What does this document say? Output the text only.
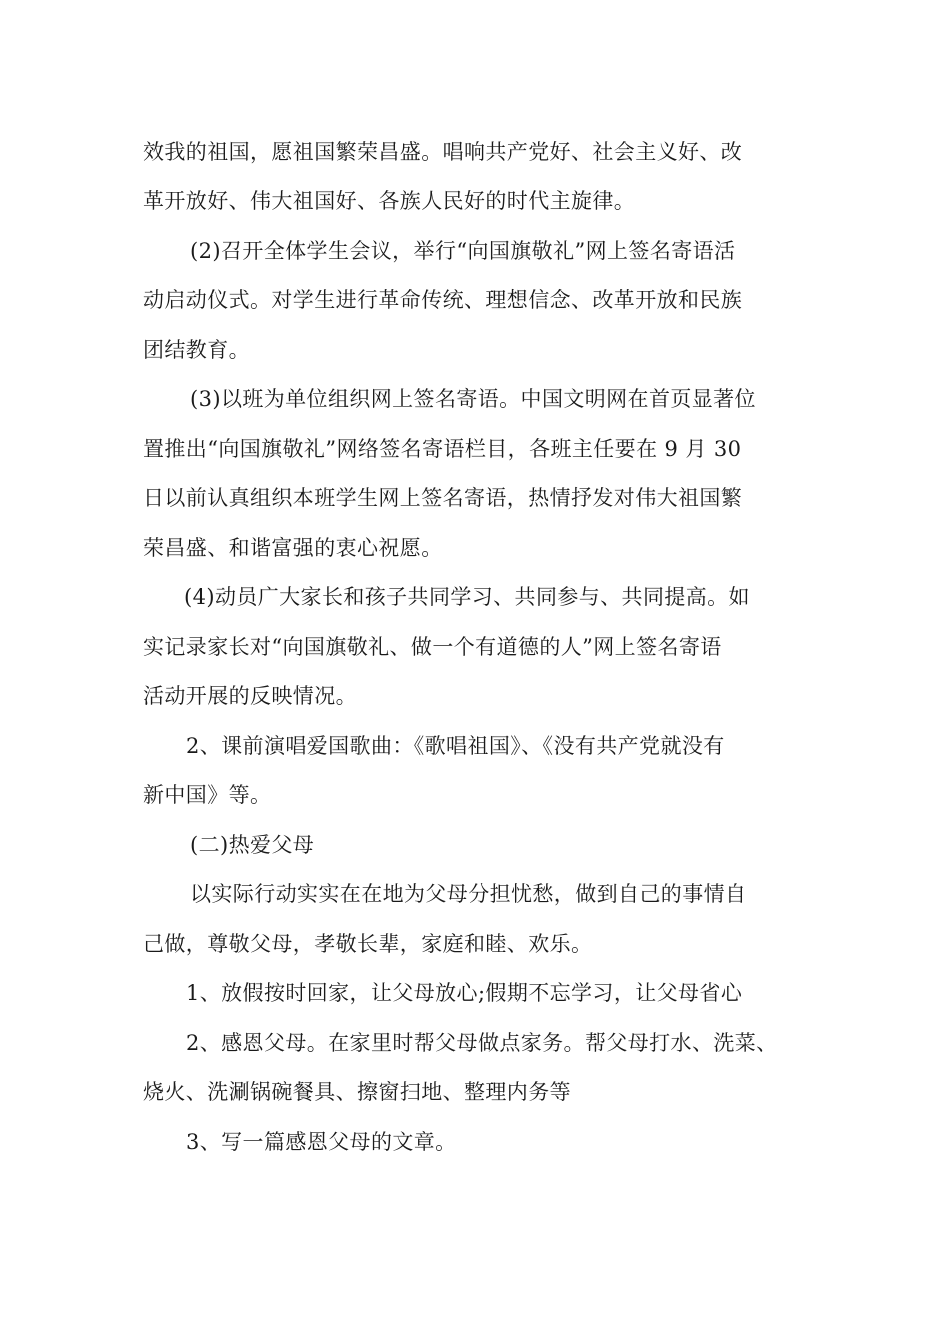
效我的祖国，愿祖国繁荣昌盛。唱响共产党好、社会主义好、改
革开放好、伟大祖国好、各族人民好的时代主旋律。
(2)召开全体学生会议，举行“向国旗敬礼”网上签名寄语活
动启动仪式。对学生进行革命传统、理想信念、改革开放和民族
团结教育。
(3)以班为单位组织网上签名寄语。中国文明网在首页显著位
置推出“向国旗敬礼”网络签名寄语栏目，各班主任要在 9 月 30
日以前认真组织本班学生网上签名寄语，热情抒发对伟大祖国繁
荣昌盛、和谐富强的衷心祝愿。
(4)动员广大家长和孩子共同学习、共同参与、共同提高。如
实记录家长对“向国旗敬礼、做一个有道德的人”网上签名寄语
活动开展的反映情况。
2、课前演唱爱国歌曲：《歌唱祖国》、《没有共产党就没有
新中国》等。
(二)热爱父母
以实际行动实实在在地为父母分担忧愁，做到自己的事情自
己做，尊敬父母，孝敬长辈，家庭和睦、欢乐。
1、放假按时回家，让父母放心;假期不忘学习，让父母省心
2、感恩父母。在家里时帮父母做点家务。帮父母打水、洗菜、
烧火、洗涮锅碗餐具、擦窗扫地、整理内务等
3、写一篇感恩父母的文章。
